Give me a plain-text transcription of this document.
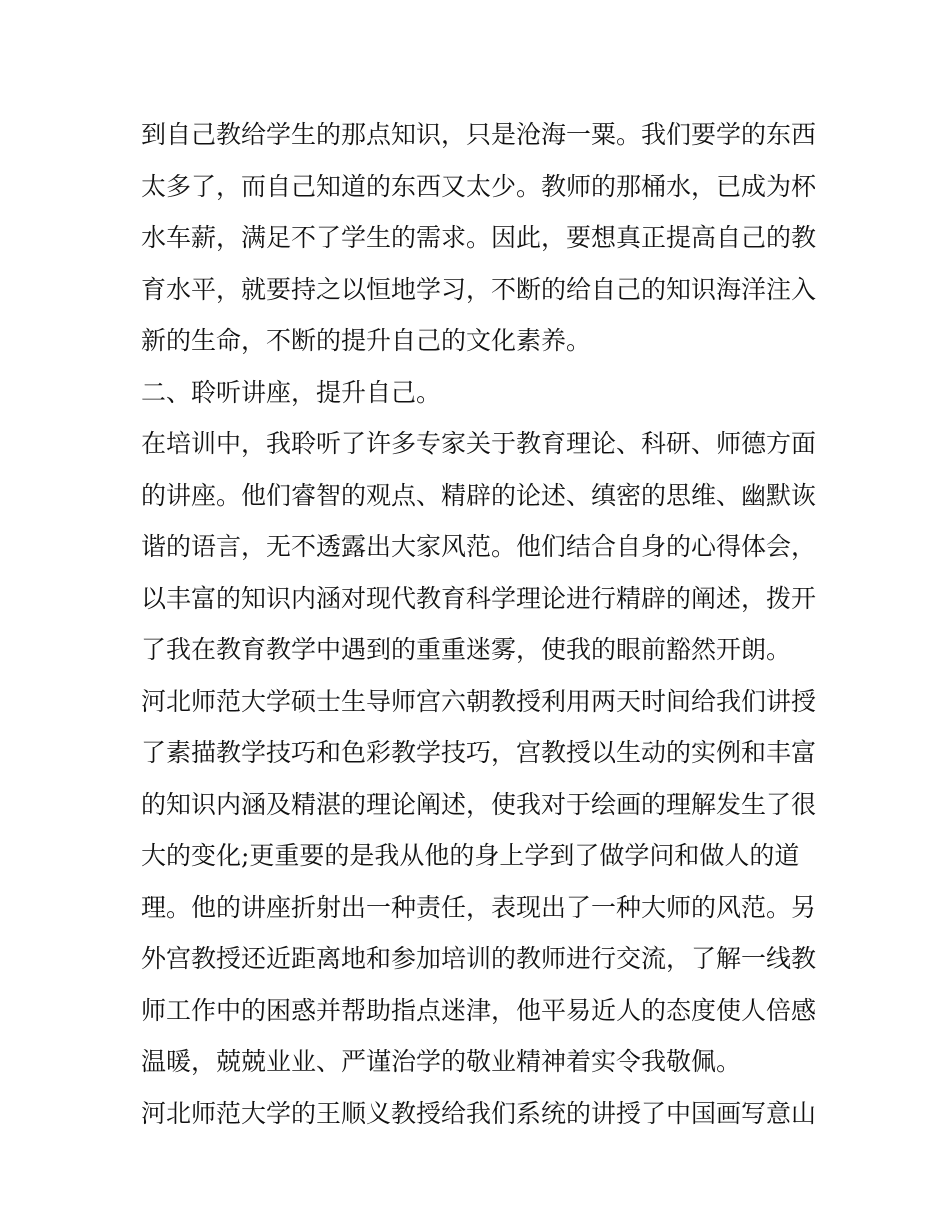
到自己教给学生的那点知识，只是沧海一粟。我们要学的东西
太多了，而自己知道的东西又太少。教师的那桶水，已成为杯
水车薪，满足不了学生的需求。因此，要想真正提高自己的教
育水平，就要持之以恒地学习，不断的给自己的知识海洋注入
新的生命，不断的提升自己的文化素养。
二、聆听讲座，提升自己。
在培训中，我聆听了许多专家关于教育理论、科研、师德方面
的讲座。他们睿智的观点、精辟的论述、缜密的思维、幽默诙
谐的语言，无不透露出大家风范。他们结合自身的心得体会，
以丰富的知识内涵对现代教育科学理论进行精辟的阐述，拨开
了我在教育教学中遇到的重重迷雾，使我的眼前豁然开朗。
河北师范大学硕士生导师宫六朝教授利用两天时间给我们讲授
了素描教学技巧和色彩教学技巧，宫教授以生动的实例和丰富
的知识内涵及精湛的理论阐述，使我对于绘画的理解发生了很
大的变化;更重要的是我从他的身上学到了做学问和做人的道
理。他的讲座折射出一种责任，表现出了一种大师的风范。另
外宫教授还近距离地和参加培训的教师进行交流，了解一线教
师工作中的困惑并帮助指点迷津，他平易近人的态度使人倍感
温暖，兢兢业业、严谨治学的敬业精神着实令我敬佩。
河北师范大学的王顺义教授给我们系统的讲授了中国画写意山
